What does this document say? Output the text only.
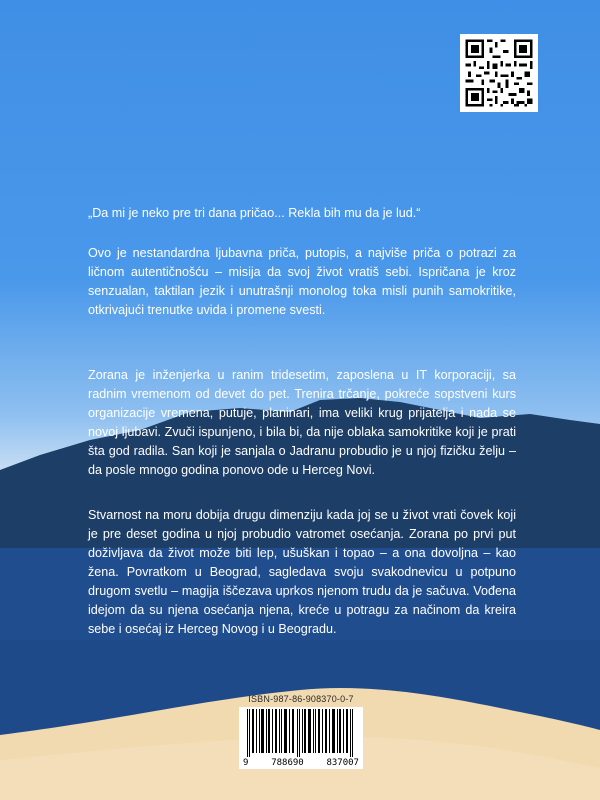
„Da mi je neko pre tri dana pričao... Rekla bih mu da je lud.“

Ovo je nestandardna ljubavna priča, putopis, a najviše priča o potrazi za ličnom autentičnošću – misija da svoj život vratiš sebi. Ispričana je kroz senzualan, taktilan jezik i unutrašnji monolog toka misli punih samokritike, otkrivajući trenutke uvida i promene svesti.

Zorana je inženjerka u ranim tridesetim, zaposlena u IT korporaciji, sa radnim vremenom od devet do pet. Trenira trčanje, pokreće sopstveni kurs organizacije vremena, putuje, planinari, ima veliki krug prijatelja i nada se novoj ljubavi. Zvuči ispunjeno, i bila bi, da nije oblaka samokritike koji je prati šta god radila. San koji je sanjala o Jadranu probudio je u njoj fizičku želju – da posle mnogo godina ponovo ode u Herceg Novi.

Stvarnost na moru dobija drugu dimenziju kada joj se u život vrati čovek koji je pre deset godina u njoj probudio vatromet osećanja. Zorana po prvi put doživljava da život može biti lep, ušuškan i topao – a ona dovoljna – kao žena. Povratkom u Beograd, sagledava svoju svakodnevicu u potpuno drugom svetlu – magija iščezava uprkos njenom trudu da je sačuva. Vođena idejom da su njena osećanja njena, kreće u potragu za načinom da kreira sebe i osećaj iz Herceg Novog i u Beogradu.

ISBN-987-86-908370-0-7
9	788690	837007
